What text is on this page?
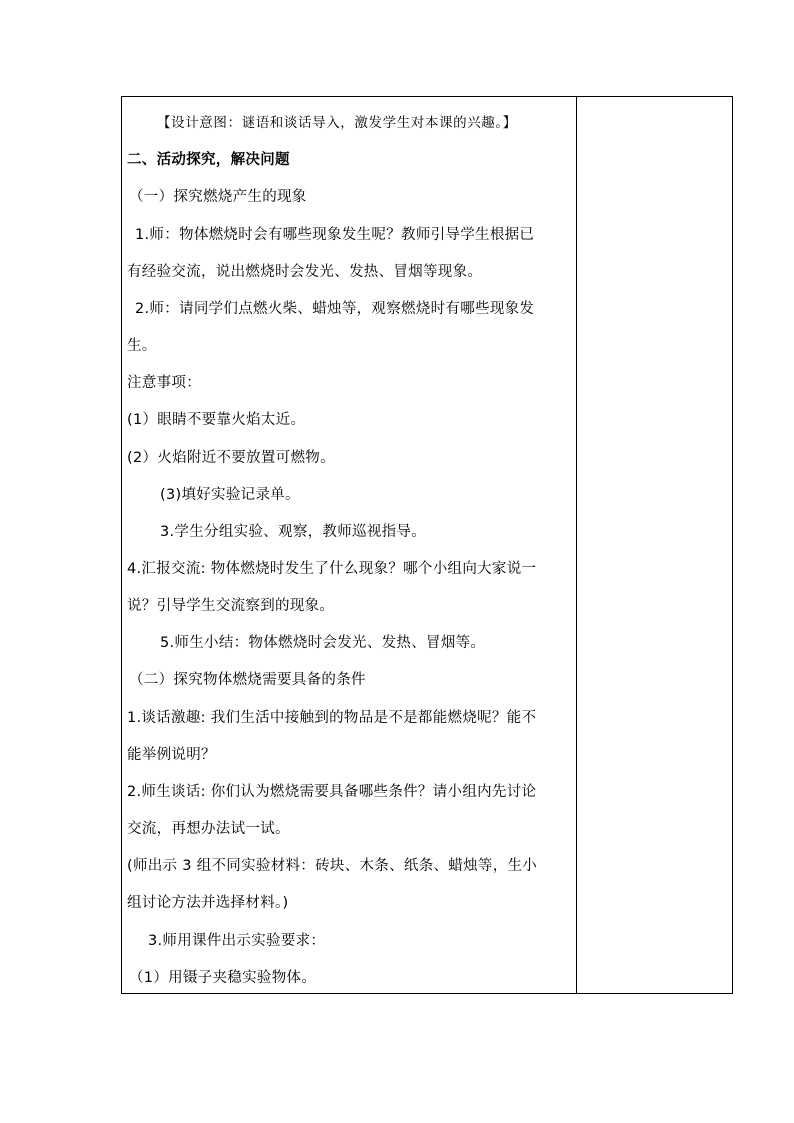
【设计意图：谜语和谈话导入，激发学生对本课的兴趣。】
二、活动探究，解决问题
（一）探究燃烧产生的现象
1.师：物体燃烧时会有哪些现象发生呢？教师引导学生根据已
有经验交流，说出燃烧时会发光、发热、冒烟等现象。
2.师：请同学们点燃火柴、蜡烛等，观察燃烧时有哪些现象发
生。
注意事项：
(1）眼睛不要靠火焰太近。
(2）火焰附近不要放置可燃物。
(3)填好实验记录单。
3.学生分组实验、观察，教师巡视指导。
4.汇报交流: 物体燃烧时发生了什么现象？哪个小组向大家说一
说？引导学生交流察到的现象。
5.师生小结：物体燃烧时会发光、发热、冒烟等。
（二）探究物体燃烧需要具备的条件
1.谈话激趣: 我们生活中接触到的物品是不是都能燃烧呢？能不
能举例说明？
2.师生谈话: 你们认为燃烧需要具备哪些条件？请小组内先讨论
交流，再想办法试一试。
(师出示 3 组不同实验材料：砖块、木条、纸条、蜡烛等，生小
组讨论方法并选择材料。)
3.师用课件出示实验要求：
（1）用镊子夹稳实验物体。
